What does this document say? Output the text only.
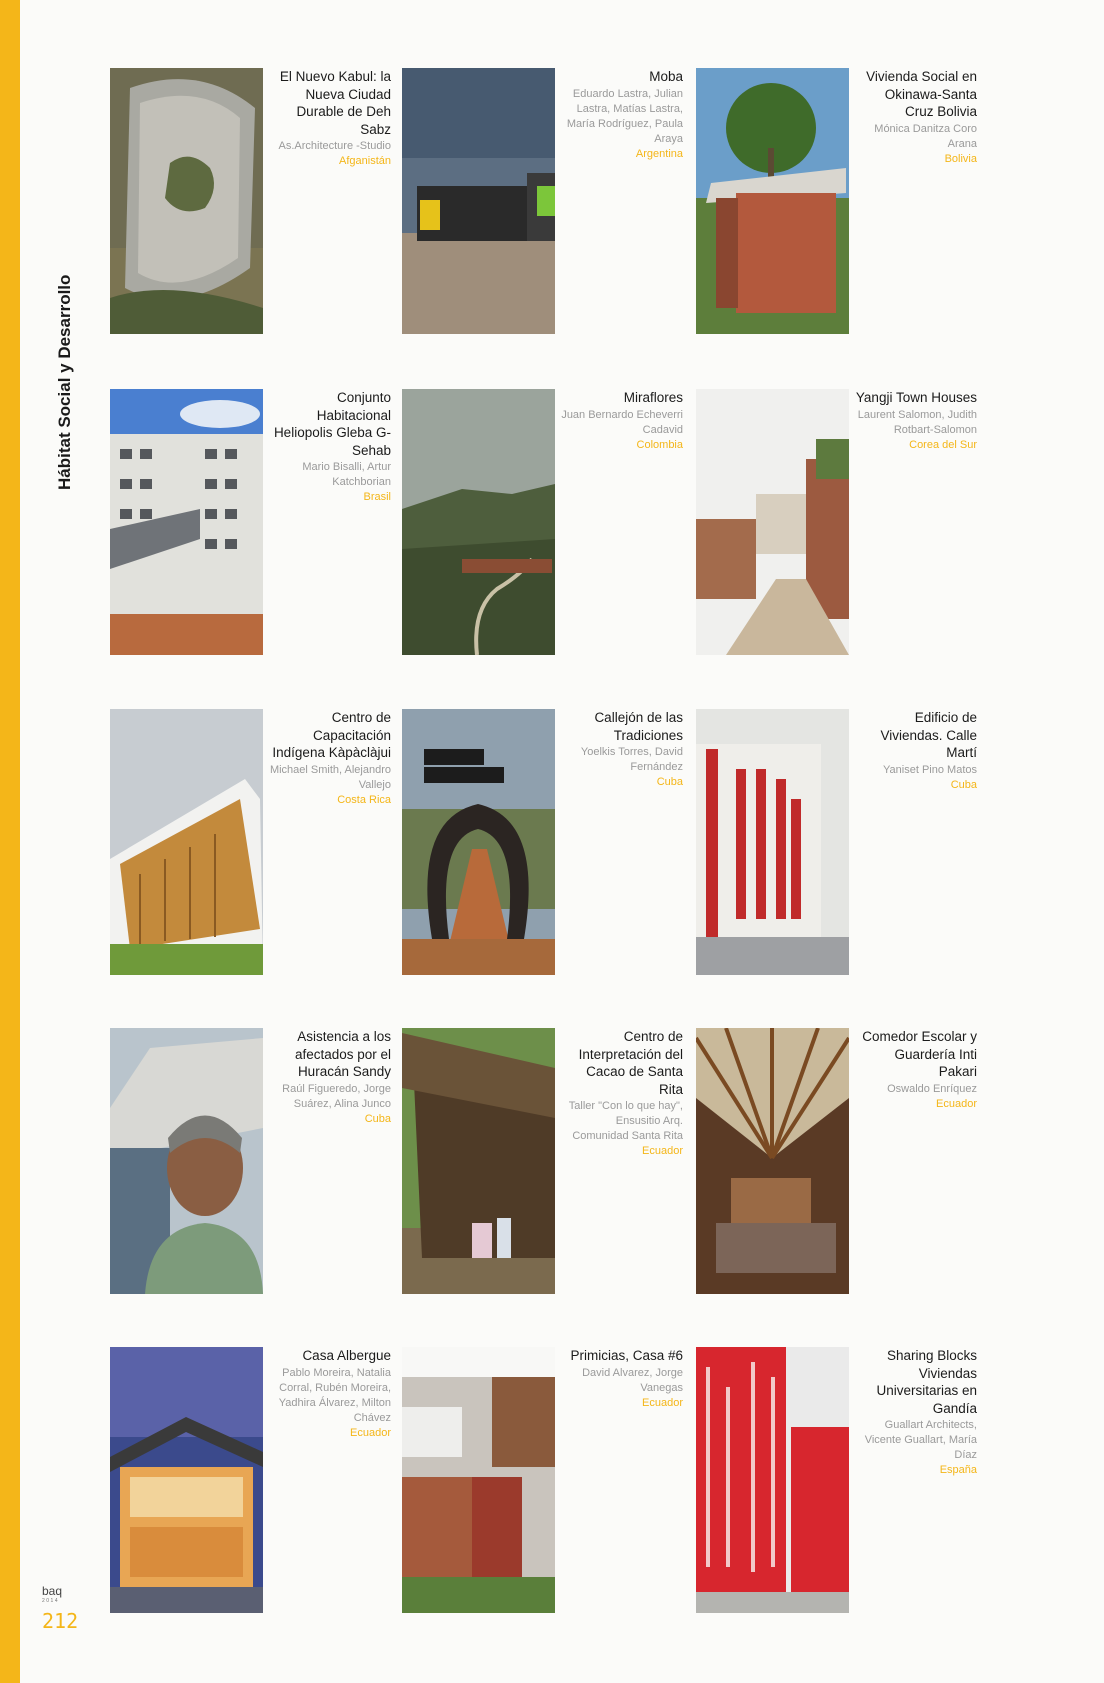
Hábitat Social y Desarrollo
El Nuevo Kabul: la Nueva Ciudad Durable de Deh Sabz
As.Architecture -Studio
Afganistán
Moba
Eduardo Lastra, Julian Lastra, Matías Lastra, María Rodríguez, Paula Araya
Argentina
Vivienda Social en Okinawa-Santa Cruz Bolivia
Mónica Danitza Coro Arana
Bolivia
Conjunto Habitacional Heliopolis Gleba G-Sehab
Mario Bisalli, Artur Katchborian
Brasil
Miraflores
Juan Bernardo Echeverri Cadavid
Colombia
Yangji Town Houses
Laurent Salomon, Judith Rotbart-Salomon
Corea del Sur
Centro de Capacitación Indígena Kàpàclàjui
Michael Smith, Alejandro Vallejo
Costa Rica
Callejón de las Tradiciones
Yoelkis Torres, David Fernández
Cuba
Edificio de Viviendas. Calle Martí
Yaniset Pino Matos
Cuba
Asistencia a los afectados por el Huracán Sandy
Raúl Figueredo, Jorge Suárez, Alina Junco
Cuba
Centro de Interpretación del Cacao de Santa Rita
Taller "Con lo que hay", Ensusitio Arq. Comunidad Santa Rita
Ecuador
Comedor Escolar y Guardería Inti Pakari
Oswaldo Enríquez
Ecuador
Casa Albergue
Pablo Moreira, Natalia Corral, Rubén Moreira, Yadhira Álvarez, Milton Chávez
Ecuador
Primicias, Casa #6
David Alvarez, Jorge Vanegas
Ecuador
Sharing Blocks Viviendas Universitarias en Gandía
Guallart Architects, Vicente Guallart, María Díaz
España
baq
2014
212
